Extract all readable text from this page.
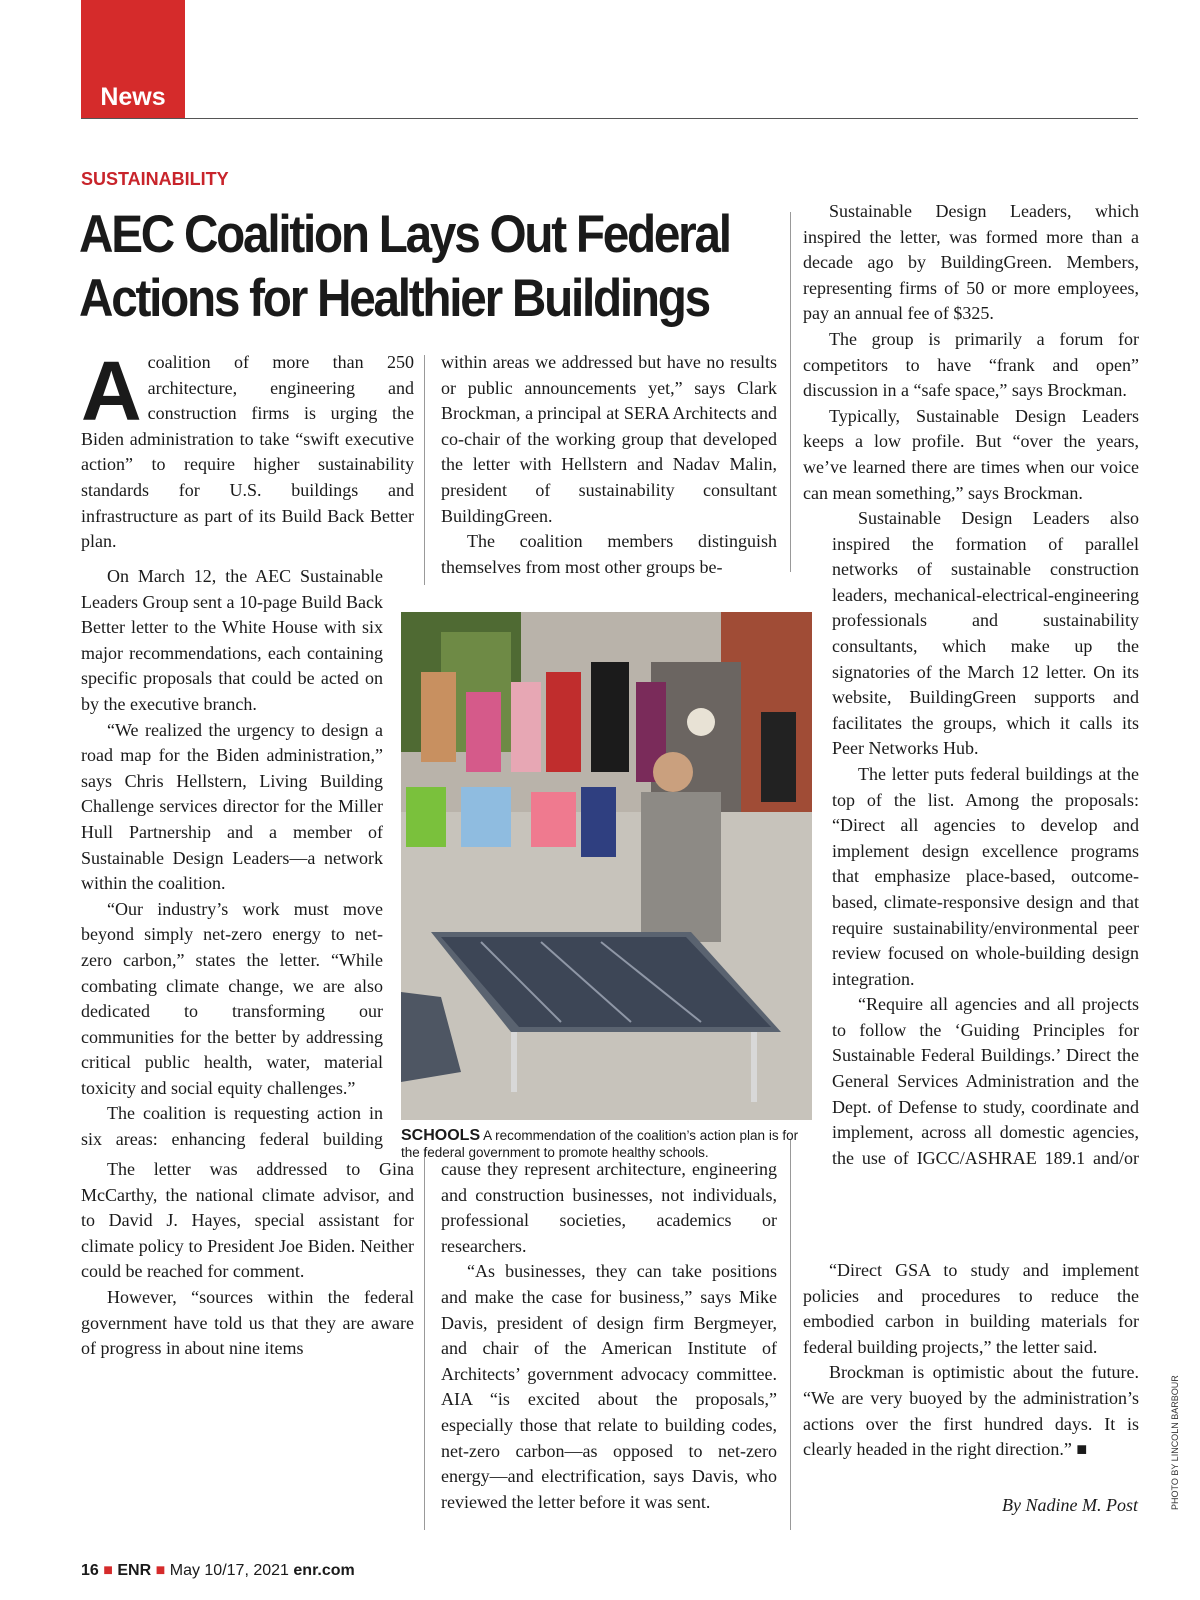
News
SUSTAINABILITY
AEC Coalition Lays Out Federal
Actions for Healthier Buildings

Acoalition of more than 250 architecture, engineering and construction firms is urging the Biden administration to take “swift executive action” to require higher sustainability standards for U.S. buildings and infrastructure as part of its Build Back Better plan.

On March 12, the AEC Sustainable Leaders Group sent a 10-page Build Back Better letter to the White House with six major recommendations, each containing specific proposals that could be acted on by the executive branch.

“We realized the urgency to design a road map for the Biden administration,” says Chris Hellstern, Living Building Challenge services director for the Miller Hull Partnership and a member of Sustainable Design Leaders—a network within the coalition.

“Our industry’s work must move beyond simply net-zero energy to net-zero carbon,” states the letter. “While combating climate change, we are also dedicated to transforming our communities for the better by addressing critical public health, water, material toxicity and social equity challenges.”

The coalition is requesting action in six areas: enhancing federal building

The letter was addressed to Gina McCarthy, the national climate advisor, and to David J. Hayes, special assistant for climate policy to President Joe Biden. Neither could be reached for comment.

However, “sources within the federal government have told us that they are aware of progress in about nine items

within areas we addressed but have no results or public announcements yet,” says Clark Brockman, a principal at SERA Architects and co-chair of the working group that developed the letter with Hellstern and Nadav Malin, president of sustainability consultant BuildingGreen.

The coalition members distinguish themselves from most other groups be-

SCHOOLS A recommendation of the coalition’s action plan is for the federal government to promote healthy schools.

cause they represent architecture, engineering and construction businesses, not individuals, professional societies, academics or researchers.

“As businesses, they can take positions and make the case for business,” says Mike Davis, president of design firm Bergmeyer, and chair of the American Institute of Architects’ government advocacy committee. AIA “is excited about the proposals,” especially those that relate to building codes, net-zero carbon—as opposed to net-zero energy—and electrification, says Davis, who reviewed the letter before it was sent.

Sustainable Design Leaders, which inspired the letter, was formed more than a decade ago by BuildingGreen. Members, representing firms of 50 or more employees, pay an annual fee of $325.

The group is primarily a forum for competitors to have “frank and open” discussion in a “safe space,” says Brockman.

Typically, Sustainable Design Leaders keeps a low profile. But “over the years, we’ve learned there are times when our voice can mean something,” says Brockman.

Sustainable Design Leaders also inspired the formation of parallel networks of sustainable construction leaders, mechanical-electrical-engineering professionals and sustainability consultants, which make up the signatories of the March 12 letter. On its website, BuildingGreen supports and facilitates the groups, which it calls its Peer Networks Hub.

The letter puts federal buildings at the top of the list. Among the proposals: “Direct all agencies to develop and implement design excellence programs that emphasize place-based, outcome-based, climate-responsive design and that require sustainability/environmental peer review focused on whole-building design integration.

“Require all agencies and all projects to follow the ‘Guiding Principles for Sustainable Federal Buildings.’ Direct the General Services Administration and the Dept. of Defense to study, coordinate and implement, across all domestic agencies, the use of IGCC/ASHRAE 189.1 and/or

“Direct GSA to study and implement policies and procedures to reduce the embodied carbon in building materials for federal building projects,” the letter said.

Brockman is optimistic about the future. “We are very buoyed by the administration’s actions over the first hundred days. It is clearly headed in the right direction.” ■

By Nadine M. Post	PHOTO BY LINCOLN BARBOUR
16 ■ ENR ■ May 10/17, 2021 enr.com
